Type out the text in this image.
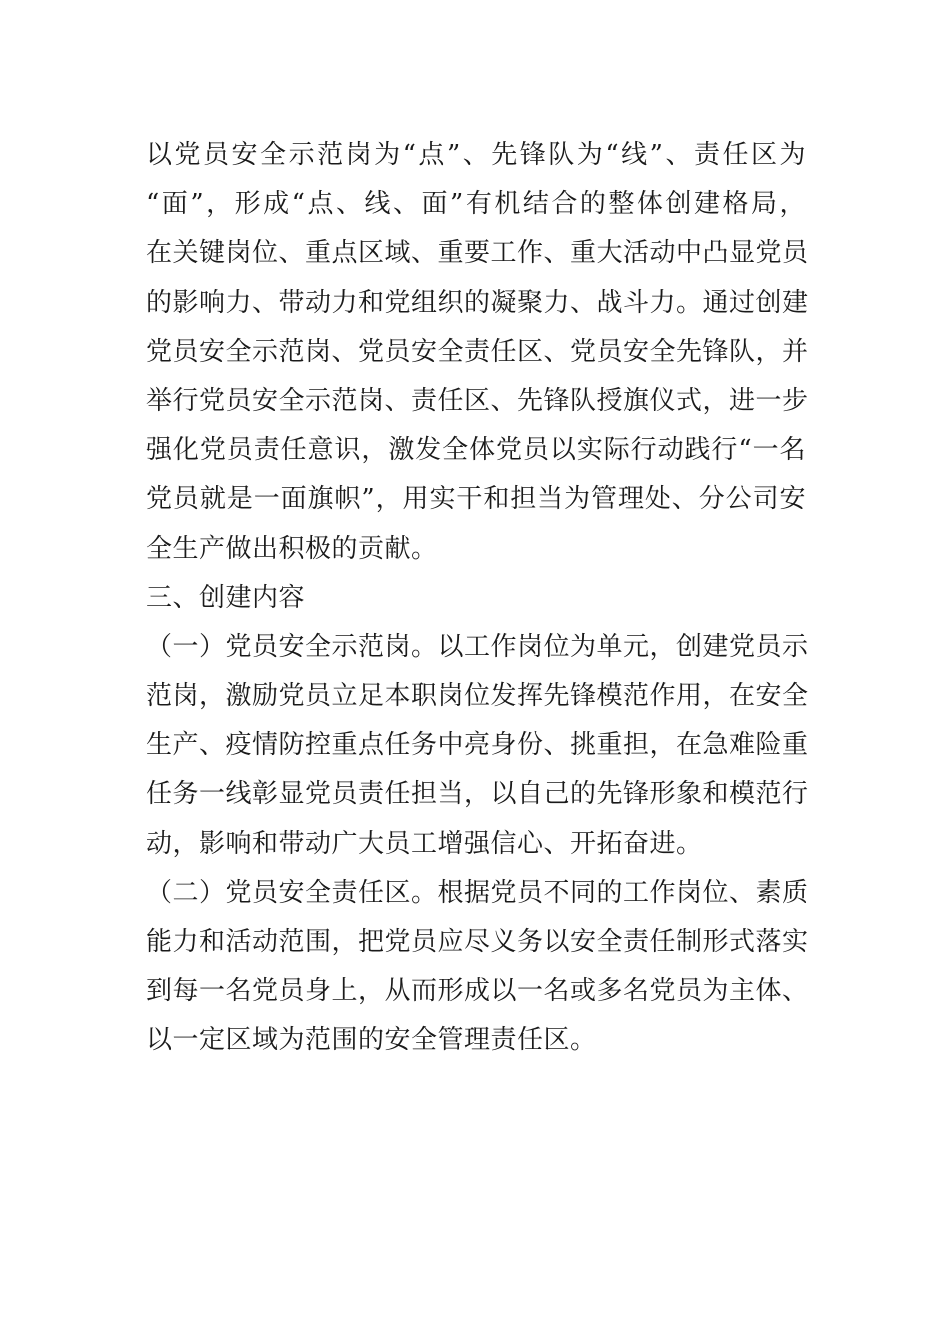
以党员安全示范岗为“点”、先锋队为“线”、责任区为
“面”，形成“点、线、面”有机结合的整体创建格局，
在关键岗位、重点区域、重要工作、重大活动中凸显党员
的影响力、带动力和党组织的凝聚力、战斗力。通过创建
党员安全示范岗、党员安全责任区、党员安全先锋队，并
举行党员安全示范岗、责任区、先锋队授旗仪式，进一步
强化党员责任意识，激发全体党员以实际行动践行“一名
党员就是一面旗帜”，用实干和担当为管理处、分公司安
全生产做出积极的贡献。
三、创建内容
（一）党员安全示范岗。以工作岗位为单元，创建党员示
范岗，激励党员立足本职岗位发挥先锋模范作用，在安全
生产、疫情防控重点任务中亮身份、挑重担，在急难险重
任务一线彰显党员责任担当，以自己的先锋形象和模范行
动，影响和带动广大员工增强信心、开拓奋进。
（二）党员安全责任区。根据党员不同的工作岗位、素质
能力和活动范围，把党员应尽义务以安全责任制形式落实
到每一名党员身上，从而形成以一名或多名党员为主体、
以一定区域为范围的安全管理责任区。
